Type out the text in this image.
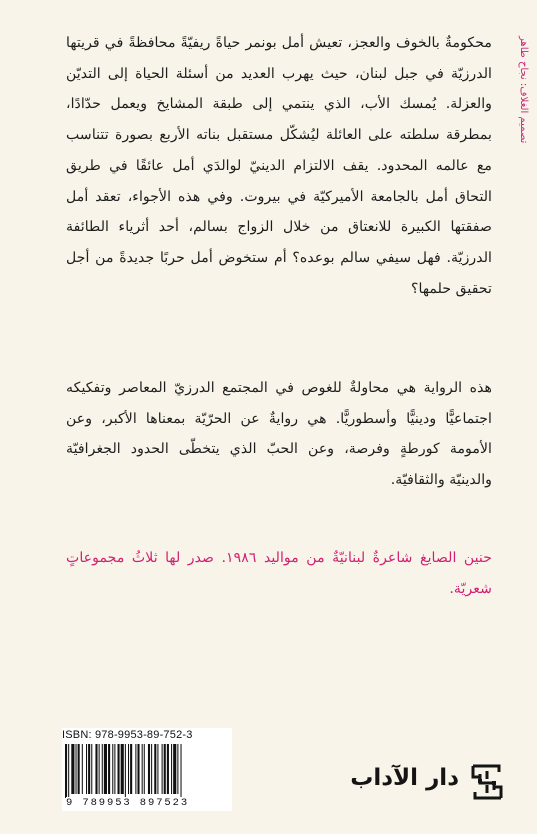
تصميم الغلاف: نجاح طاهر
محكومةٌ بالخوف والعجز، تعيش أمل بونمر حياةً ريفيّةً محافظةً في قريتها الدرزيّة في جبل لبنان، حيث يهرب العديد من أسئلة الحياة إلى التديّن والعزلة. يُمسك الأب، الذي ينتمي إلى طبقة المشايخ ويعمل حدّادًا، بمطرقة سلطته على العائلة ليُشكّل مستقبل بناته الأربع بصورة تتناسب مع عالمه المحدود. يقف الالتزام الدينيّ لوالدَي أمل عائقًا في طريق التحاق أمل بالجامعة الأميركيّة في بيروت. وفي هذه الأجواء، تعقد أمل صفقتها الكبيرة للانعتاق من خلال الزواج بسالم، أحد أثرياء الطائفة الدرزيّة. فهل سيفي سالم بوعده؟ أم ستخوض أمل حربًا جديدةً من أجل تحقيق حلمها؟
هذه الرواية هي محاولةٌ للغوص في المجتمع الدرزيّ المعاصر وتفكيكه اجتماعيًّا ودينيًّا وأسطوريًّا. هي روايةٌ عن الحرّيّة بمعناها الأكبر، وعن الأمومة كورطةٍ وفرصة، وعن الحبّ الذي يتخطّى الحدود الجغرافيّة والدينيّة والثقافيّة.
حنين الصايغ شاعرةٌ لبنانيّةٌ من مواليد ١٩٨٦. صدر لها ثلاثُ مجموعاتٍ شعريّة.
ISBN: 978-9953-89-752-3
9 789953 897523
دار الآداب
